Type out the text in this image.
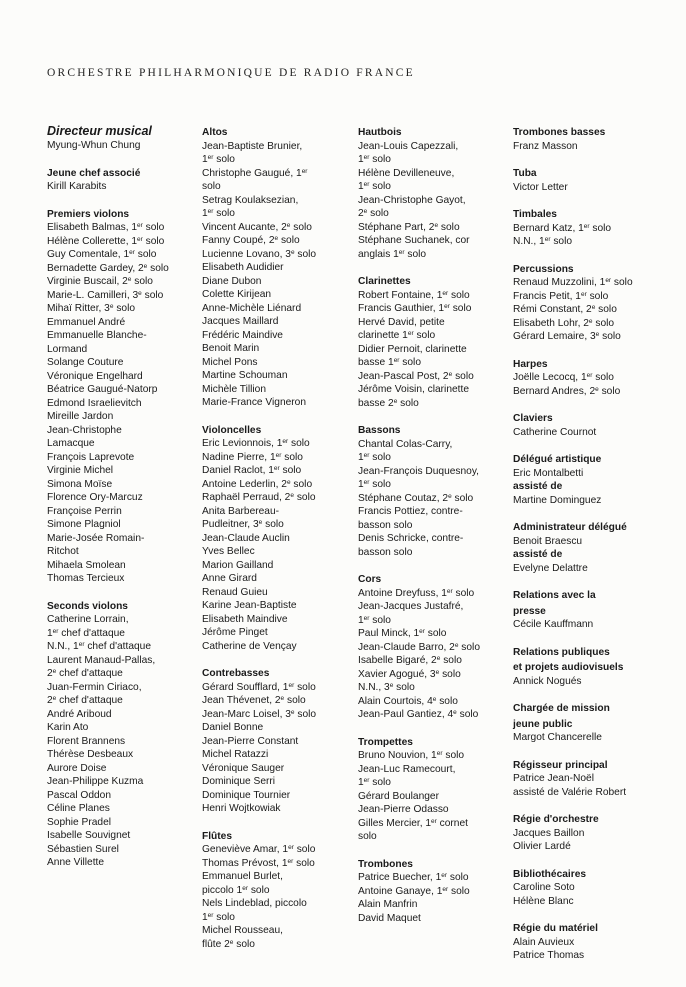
ORCHESTRE PHILHARMONIQUE DE RADIO FRANCE
Directeur musical
Myung-Whun Chung
Jeune chef associé
Kirill Karabits
Premiers violons
Elisabeth Balmas, 1er solo
Hélène Collerette, 1er solo
Guy Comentale, 1er solo
Bernadette Gardey, 2e solo
Virginie Buscail, 2e solo
Marie-L. Camilleri, 3e solo
Mihaï Ritter, 3e solo
Emmanuel André
Emmanuelle Blanche-
Lormand
Solange Couture
Véronique Engelhard
Béatrice Gaugué-Natorp
Edmond Israelievitch
Mireille Jardon
Jean-Christophe
Lamacque
François Laprevote
Virginie Michel
Simona Moïse
Florence Ory-Marcuz
Françoise Perrin
Simone Plagniol
Marie-Josée Romain-
Ritchot
Mihaela Smolean
Thomas Tercieux
Seconds violons
Catherine Lorrain,
1er chef d'attaque
N.N., 1er chef d'attaque
Laurent Manaud-Pallas,
2e chef d'attaque
Juan-Fermin Ciriaco,
2e chef d'attaque
André Ariboud
Karin Ato
Florent Brannens
Thérèse Desbeaux
Aurore Doise
Jean-Philippe Kuzma
Pascal Oddon
Céline Planes
Sophie Pradel
Isabelle Souvignet
Sébastien Surel
Anne Villette
Altos
Jean-Baptiste Brunier,
1er solo
Christophe Gaugué, 1er
solo
Setrag Koulaksezian,
1er solo
Vincent Aucante, 2e solo
Fanny Coupé, 2e solo
Lucienne Lovano, 3e solo
Elisabeth Audidier
Diane Dubon
Colette Kirijean
Anne-Michèle Liénard
Jacques Maillard
Frédéric Maindive
Benoit Marin
Michel Pons
Martine Schouman
Michèle Tillion
Marie-France Vigneron
Violoncelles
Eric Levionnois, 1er solo
Nadine Pierre, 1er solo
Daniel Raclot, 1er solo
Antoine Lederlin, 2e solo
Raphaël Perraud, 2e solo
Anita Barbereau-
Pudleitner, 3e solo
Jean-Claude Auclin
Yves Bellec
Marion Gailland
Anne Girard
Renaud Guieu
Karine Jean-Baptiste
Elisabeth Maindive
Jérôme Pinget
Catherine de Vençay
Contrebasses
Gérard Soufflard, 1er solo
Jean Thévenet, 2e solo
Jean-Marc Loisel, 3e solo
Daniel Bonne
Jean-Pierre Constant
Michel Ratazzi
Véronique Sauger
Dominique Serri
Dominique Tournier
Henri Wojtkowiak
Flûtes
Geneviève Amar, 1er solo
Thomas Prévost, 1er solo
Emmanuel Burlet,
piccolo 1er solo
Nels Lindeblad, piccolo
1er solo
Michel Rousseau,
flûte 2e solo
Hautbois
Jean-Louis Capezzali,
1er solo
Hélène Devilleneuve,
1er solo
Jean-Christophe Gayot,
2e solo
Stéphane Part, 2e solo
Stéphane Suchanek, cor
anglais 1er solo
Clarinettes
Robert Fontaine, 1er solo
Francis Gauthier, 1er solo
Hervé David, petite
clarinette 1er solo
Didier Pernoit, clarinette
basse 1er solo
Jean-Pascal Post, 2e solo
Jérôme Voisin, clarinette
basse 2e solo
Bassons
Chantal Colas-Carry,
1er solo
Jean-François Duquesnoy,
1er solo
Stéphane Coutaz, 2e solo
Francis Pottiez, contre-
basson solo
Denis Schricke, contre-
basson solo
Cors
Antoine Dreyfuss, 1er solo
Jean-Jacques Justafré,
1er solo
Paul Minck, 1er solo
Jean-Claude Barro, 2e solo
Isabelle Bigaré, 2e solo
Xavier Agogué, 3e solo
N.N., 3e solo
Alain Courtois, 4e solo
Jean-Paul Gantiez, 4e solo
Trompettes
Bruno Nouvion, 1er solo
Jean-Luc Ramecourt,
1er solo
Gérard Boulanger
Jean-Pierre Odasso
Gilles Mercier, 1er cornet
solo
Trombones
Patrice Buecher, 1er solo
Antoine Ganaye, 1er solo
Alain Manfrin
David Maquet
Trombones basses
Franz Masson
Tuba
Victor Letter
Timbales
Bernard Katz, 1er solo
N.N., 1er solo
Percussions
Renaud Muzzolini, 1er solo
Francis Petit, 1er solo
Rémi Constant, 2e solo
Elisabeth Lohr, 2e solo
Gérard Lemaire, 3e solo
Harpes
Joëlle Lecocq, 1er solo
Bernard Andres, 2e solo
Claviers
Catherine Cournot
Délégué artistique
Eric Montalbetti
assisté de
Martine Dominguez
Administrateur délégué
Benoit Braescu
assisté de
Evelyne Delattre
Relations avec la
presse
Cécile Kauffmann
Relations publiques
et projets audiovisuels
Annick Nogués
Chargée de mission
jeune public
Margot Chancerelle
Régisseur principal
Patrice Jean-Noël
assisté de Valérie Robert
Régie d'orchestre
Jacques Baillon
Olivier Lardé
Bibliothécaires
Caroline Soto
Hélène Blanc
Régie du matériel
Alain Auvieux
Patrice Thomas
